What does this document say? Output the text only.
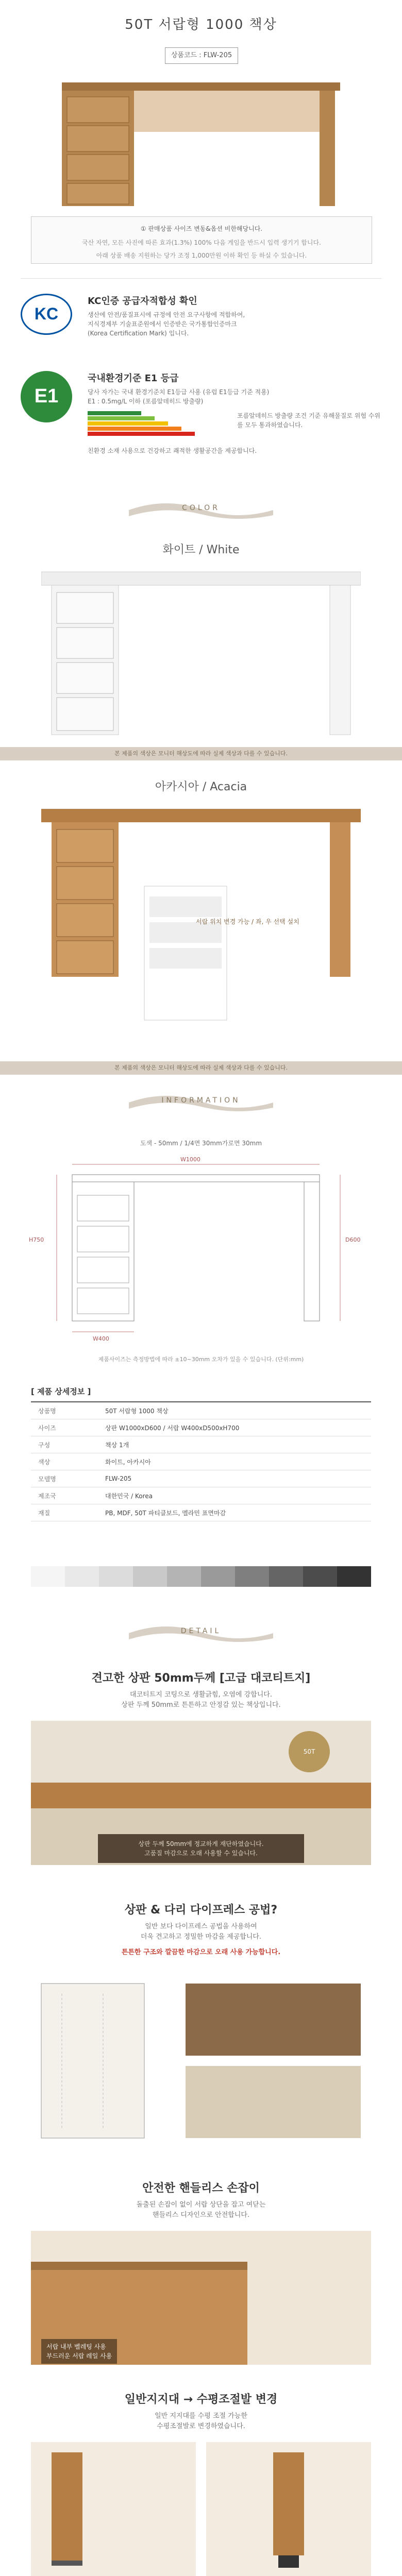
50T 서랍형 1000 책상
상품코드 : FLW-205
① 판매상품 사이즈 변동&옵션 비한해당니다.
국산 자연, 모든 사진에 따른 효과(1.3%) 100% 다음 게임을 반드시 입력 생기기 합니다.
아래 상품 배송 지원하는 당가 조정 1,000만원 이하 확인 등 하실 수 있습니다.
KC
KC인증 공급자적합성 확인
생산에 안전/품질표시에 규정에 안전 요구사항에 적합하여,
지식경제부 기술표준원에서 인증받은 국가통합인증마크
(Korea Certification Mark) 입니다.
E1
국내환경기준 E1 등급
당사 자가는 국내 환경기준치 E1등급 사용 (유럽 E1등급 기준 적용)
E1 : 0.5mg/L 이하 (포름알데히드 방출량)
포름알데히드 방출량 조건 기준 유해물질로 위험 수위를 모두 통과하였습니다.
친환경 소재 사용으로 건강하고 쾌적한 생활공간을 제공합니다.
COLOR
화이트 / White
본 제품의 색상은 모니터 해상도에 따라 실제 색상과 다를 수 있습니다.
아카시아 / Acacia
서랍 위치 변경 가능 / 좌, 우 선택 설치
본 제품의 색상은 모니터 해상도에 따라 실제 색상과 다를 수 있습니다.
INFORMATION
도색 - 50mm / 1/4면 30mm가로면 30mm
W1000
H750	D600
W400
제품사이즈는 측정방법에 따라 ±10~30mm 오차가 있을 수 있습니다. (단위:mm)
[ 제품 상세정보 ]
상품명	50T 서랍형 1000 책상
사이즈	상판 W1000xD600 / 서랍 W400xD500xH700
구성	책상 1개
색상	화이트, 아카시아
모델명	FLW-205
제조국	대한민국 / Korea
재질	PB, MDF, 50T 파티클보드, 멜라민 표면마감
DETAIL
견고한 상판 50mm두께 [고급 대코티트지]
대코티트지 코팅으로 생활긁힘, 오염에 강합니다.
상판 두께 50mm로 튼튼하고 안정감 있는 책상입니다.
50T
상판 두께 50mm에 정교하게 재단하였습니다.
고품질 마감으로 오래 사용할 수 있습니다.
상판 & 다리 다이프레스 공법?
일반 보다 다이프레스 공법을 사용하여
더욱 견고하고 정밀한 마감을 제공합니다.
튼튼한 구조와 깔끔한 마감으로 오래 사용 가능합니다.
안전한 핸들리스 손잡이
돌출된 손잡이 없이 서랍 상단을 잡고 여닫는
핸들리스 디자인으로 안전합니다.
서랍 내부 벨레팅 사용
부드러운 서랍 레일 사용
일반지지대 → 수평조절발 변경
일반 지지대를 수평 조절 가능한
수평조절발로 변경하였습니다.
